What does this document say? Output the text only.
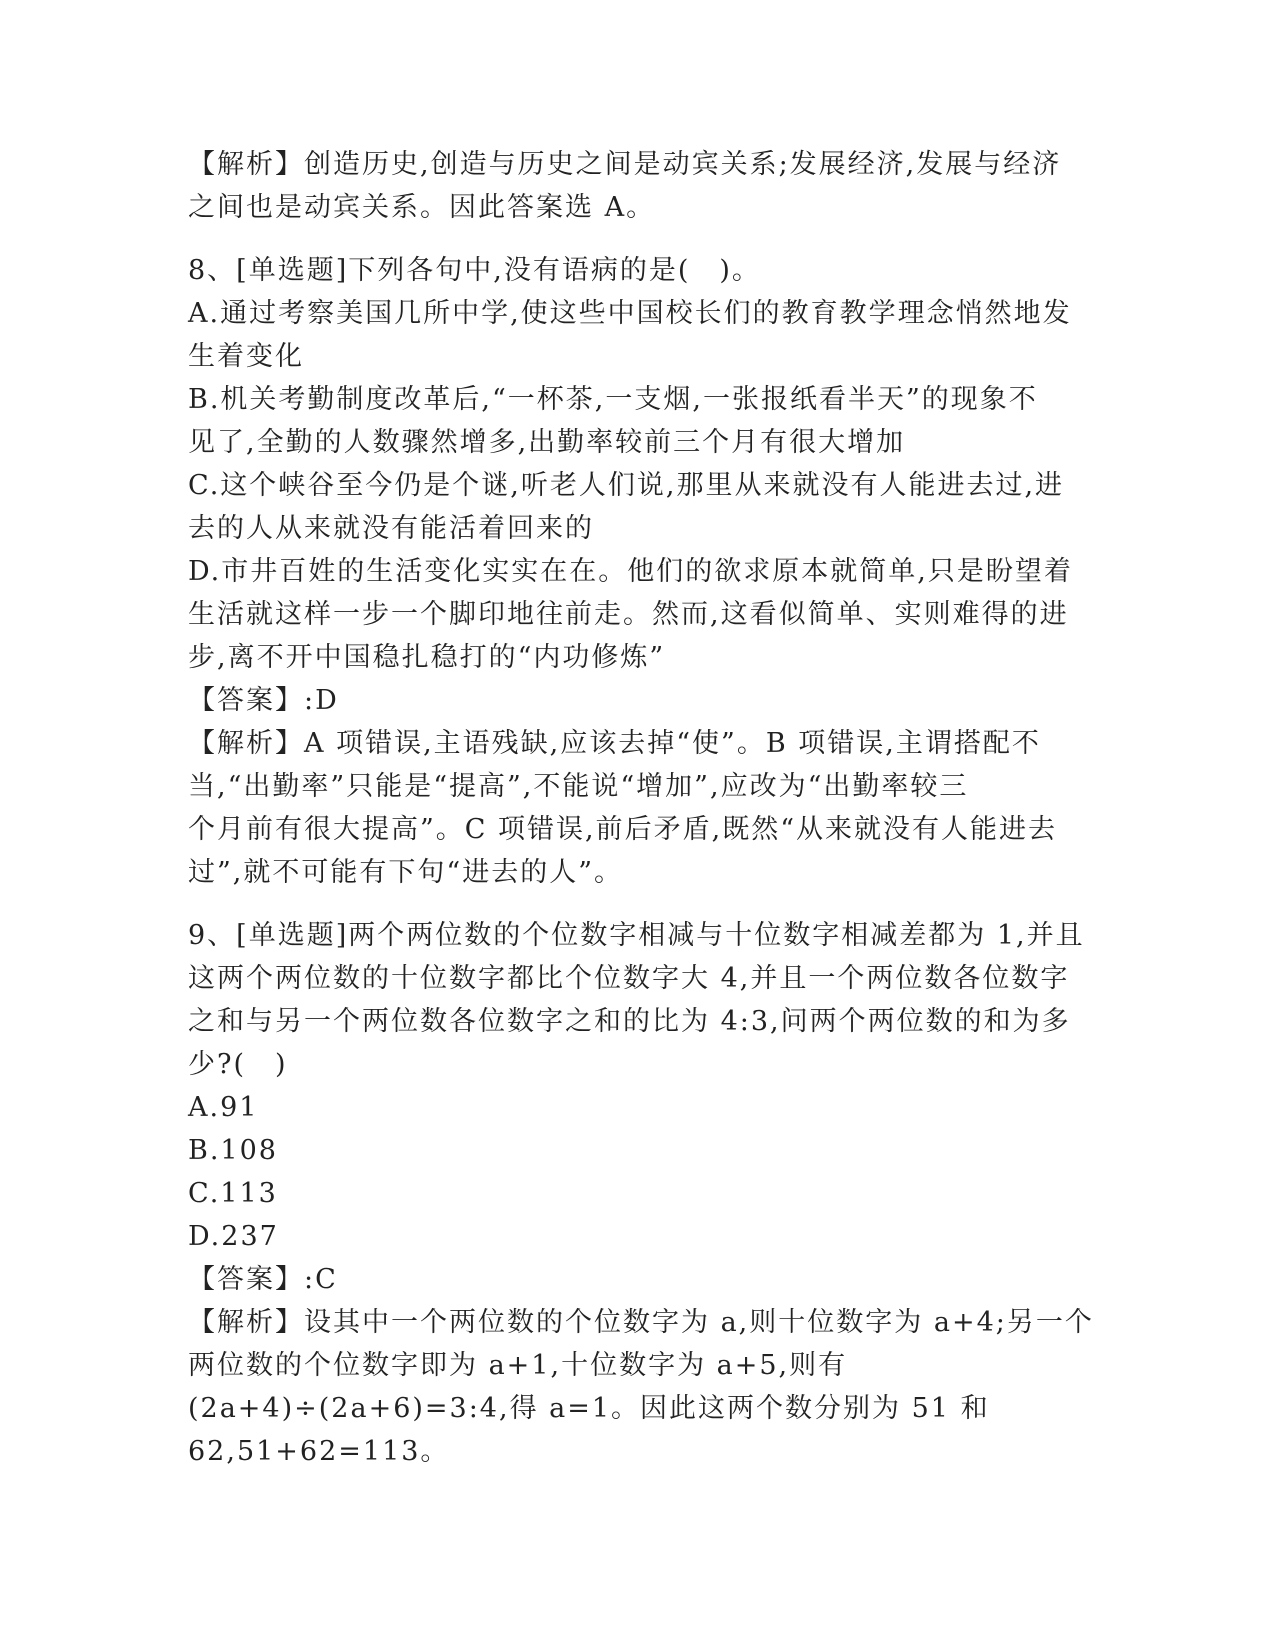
【解析】创造历史,创造与历史之间是动宾关系;发展经济,发展与经济
之间也是动宾关系。因此答案选 A。
8、[单选题]下列各句中,没有语病的是(　)。
A.通过考察美国几所中学,使这些中国校长们的教育教学理念悄然地发
生着变化
B.机关考勤制度改革后,“一杯茶,一支烟,一张报纸看半天”的现象不
见了,全勤的人数骤然增多,出勤率较前三个月有很大增加
C.这个峡谷至今仍是个谜,听老人们说,那里从来就没有人能进去过,进
去的人从来就没有能活着回来的
D.市井百姓的生活变化实实在在。他们的欲求原本就简单,只是盼望着
生活就这样一步一个脚印地往前走。然而,这看似简单、实则难得的进
步,离不开中国稳扎稳打的“内功修炼”
【答案】:D
【解析】A 项错误,主语残缺,应该去掉“使”。B 项错误,主谓搭配不
当,“出勤率”只能是“提高”,不能说“增加”,应改为“出勤率较三
个月前有很大提高”。C 项错误,前后矛盾,既然“从来就没有人能进去
过”,就不可能有下句“进去的人”。
9、[单选题]两个两位数的个位数字相减与十位数字相减差都为 1,并且
这两个两位数的十位数字都比个位数字大 4,并且一个两位数各位数字
之和与另一个两位数各位数字之和的比为 4:3,问两个两位数的和为多
少?(　)
A.91
B.108
C.113
D.237
【答案】:C
【解析】设其中一个两位数的个位数字为 a,则十位数字为 a+4;另一个
两位数的个位数字即为 a+1,十位数字为 a+5,则有
(2a+4)÷(2a+6)=3:4,得 a=1。因此这两个数分别为 51 和
62,51+62=113。
